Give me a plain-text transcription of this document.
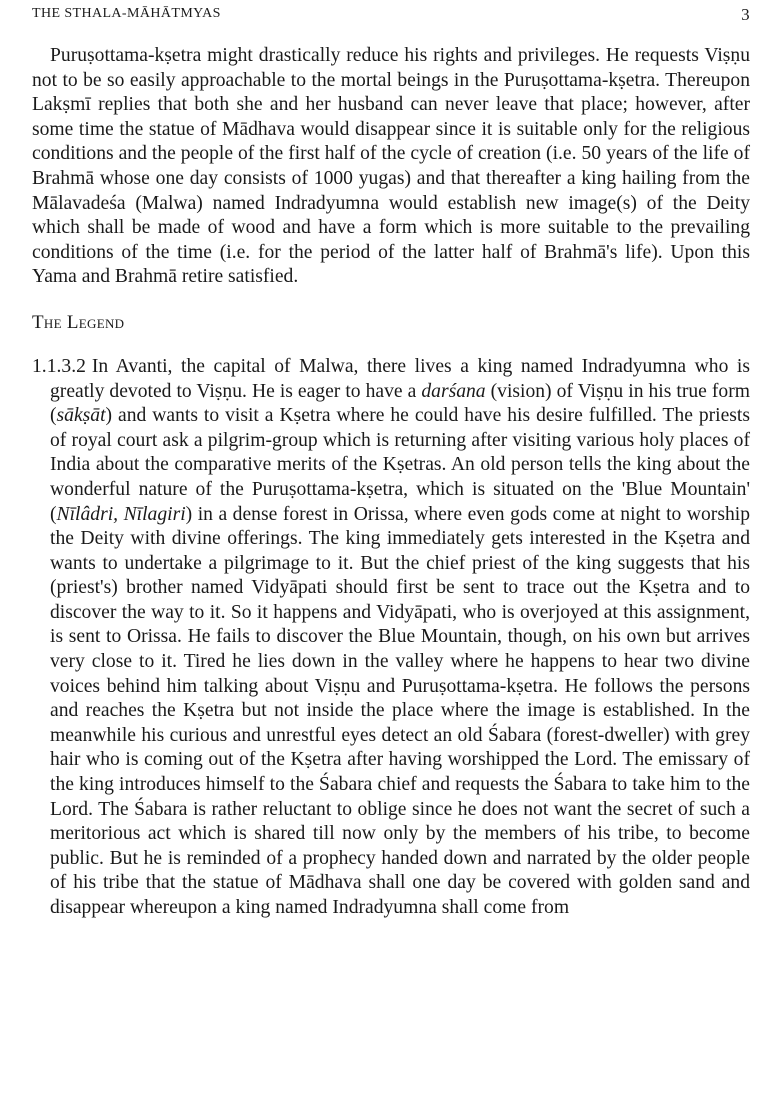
THE STHALA-MĀHĀTMYAS	3

Puruṣottama-kṣetra might drastically reduce his rights and privileges. He requests Viṣṇu not to be so easily approachable to the mortal beings in the Puruṣottama-kṣetra. Thereupon Lakṣmī replies that both she and her husband can never leave that place; however, after some time the statue of Mādhava would disappear since it is suitable only for the religious conditions and the people of the first half of the cycle of creation (i.e. 50 years of the life of Brahmā whose one day consists of 1000 yugas) and that thereafter a king hailing from the Mālavadeśa (Malwa) named Indradyumna would establish new image(s) of the Deity which shall be made of wood and have a form which is more suitable to the prevailing conditions of the time (i.e. for the period of the latter half of Brahmā's life). Upon this Yama and Brahmā retire satisfied.

The Legend

1.1.3.2 In Avanti, the capital of Malwa, there lives a king named Indradyumna who is greatly devoted to Viṣṇu. He is eager to have a darśana (vision) of Viṣṇu in his true form (sākṣāt) and wants to visit a Kṣetra where he could have his desire fulfilled. The priests of royal court ask a pilgrim-group which is returning after visiting various holy places of India about the comparative merits of the Kṣetras. An old person tells the king about the wonderful nature of the Puruṣottama-kṣetra, which is situated on the 'Blue Mountain' (Nīlâdri, Nīlagiri) in a dense forest in Orissa, where even gods come at night to worship the Deity with divine offerings. The king immediately gets interested in the Kṣetra and wants to undertake a pilgrimage to it. But the chief priest of the king suggests that his (priest's) brother named Vidyāpati should first be sent to trace out the Kṣetra and to discover the way to it. So it happens and Vidyāpati, who is overjoyed at this assignment, is sent to Orissa. He fails to discover the Blue Mountain, though, on his own but arrives very close to it. Tired he lies down in the valley where he happens to hear two divine voices behind him talking about Viṣṇu and Puruṣottama-kṣetra. He follows the persons and reaches the Kṣetra but not inside the place where the image is established. In the meanwhile his curious and unrestful eyes detect an old Śabara (forest-dweller) with grey hair who is coming out of the Kṣetra after having worshipped the Lord. The emissary of the king introduces himself to the Śabara chief and requests the Śabara to take him to the Lord. The Śabara is rather reluctant to oblige since he does not want the secret of such a meritorious act which is shared till now only by the members of his tribe, to become public. But he is reminded of a prophecy handed down and narrated by the older people of his tribe that the statue of Mādhava shall one day be covered with golden sand and disappear whereupon a king named Indradyumna shall come from
